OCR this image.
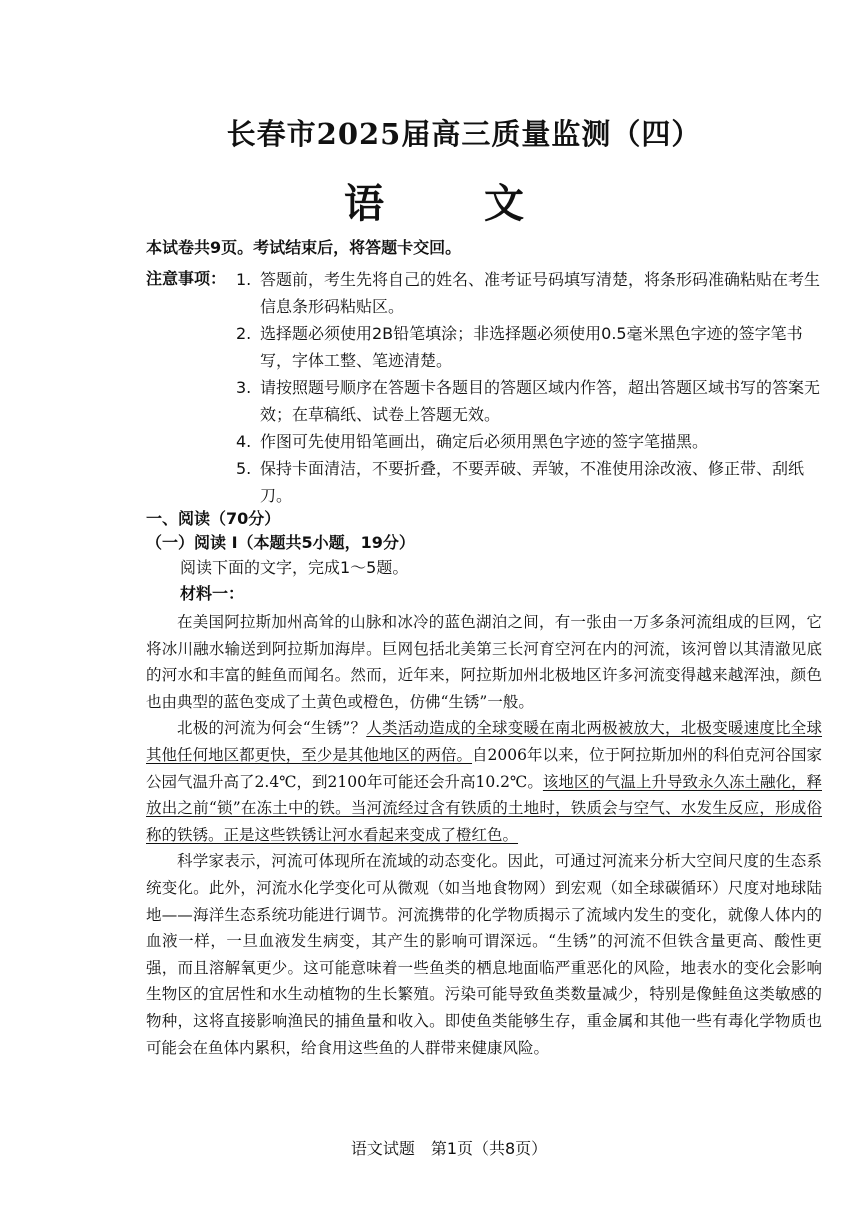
长春市2025届高三质量监测（四）
语　文
本试卷共9页。考试结束后，将答题卡交回。
注意事项： 1. 答题前，考生先将自己的姓名、准考证号码填写清楚，将条形码准确粘贴在考生信息条形码粘贴区。
2. 选择题必须使用2B铅笔填涂；非选择题必须使用0.5毫米黑色字迹的签字笔书写，字体工整、笔迹清楚。
3. 请按照题号顺序在答题卡各题目的答题区域内作答，超出答题区域书写的答案无效；在草稿纸、试卷上答题无效。
4. 作图可先使用铅笔画出，确定后必须用黑色字迹的签字笔描黑。
5. 保持卡面清洁，不要折叠，不要弄破、弄皱，不准使用涂改液、修正带、刮纸刀。
一、阅读（70分）
（一）阅读 I（本题共5小题，19分）
阅读下面的文字，完成1～5题。
材料一：

在美国阿拉斯加州高耸的山脉和冰冷的蓝色湖泊之间，有一张由一万多条河流组成的巨网，它将冰川融水输送到阿拉斯加海岸。巨网包括北美第三长河育空河在内的河流，该河曾以其清澈见底的河水和丰富的鲑鱼而闻名。然而，近年来，阿拉斯加州北极地区许多河流变得越来越浑浊，颜色也由典型的蓝色变成了土黄色或橙色，仿佛“生锈”一般。

北极的河流为何会“生锈”？人类活动造成的全球变暖在南北两极被放大，北极变暖速度比全球其他任何地区都更快，至少是其他地区的两倍。自2006年以来，位于阿拉斯加州的科伯克河谷国家公园气温升高了2.4℃，到2100年可能还会升高10.2℃。该地区的气温上升导致永久冻土融化，释放出之前“锁”在冻土中的铁。当河流经过含有铁质的土地时，铁质会与空气、水发生反应，形成俗称的铁锈。正是这些铁锈让河水看起来变成了橙红色。

科学家表示，河流可体现所在流域的动态变化。因此，可通过河流来分析大空间尺度的生态系统变化。此外，河流水化学变化可从微观（如当地食物网）到宏观（如全球碳循环）尺度对地球陆地——海洋生态系统功能进行调节。河流携带的化学物质揭示了流域内发生的变化，就像人体内的血液一样，一旦血液发生病变，其产生的影响可谓深远。“生锈”的河流不但铁含量更高、酸性更强，而且溶解氧更少。这可能意味着一些鱼类的栖息地面临严重恶化的风险，地表水的变化会影响生物区的宜居性和水生动植物的生长繁殖。污染可能导致鱼类数量减少，特别是像鲑鱼这类敏感的物种，这将直接影响渔民的捕鱼量和收入。即使鱼类能够生存，重金属和其他一些有毒化学物质也可能会在鱼体内累积，给食用这些鱼的人群带来健康风险。

语文试题　第1页（共8页）
